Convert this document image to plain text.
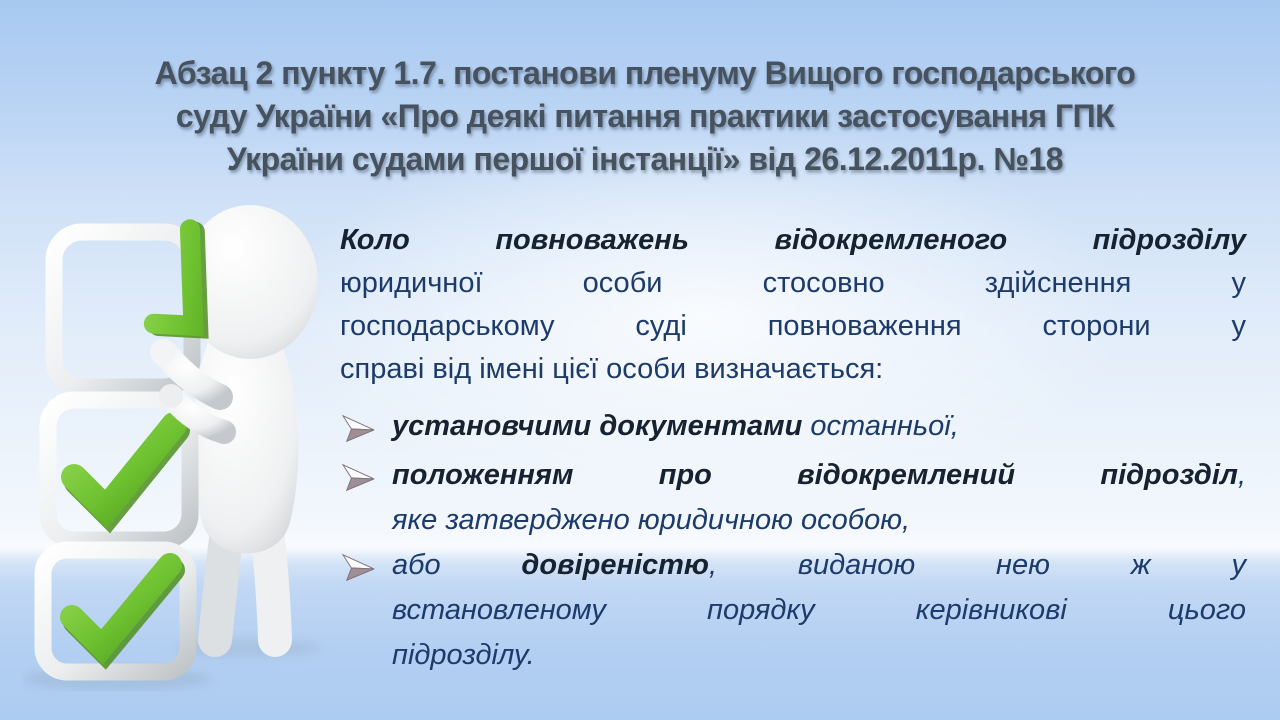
Абзац 2 пункту 1.7. постанови пленуму Вищого господарського
суду України «Про деякі питання практики застосування ГПК
України судами першої інстанції» від 26.12.2011р. №18
Коло повноважень відокремленого підрозділу
юридичної особи стосовно здійснення у
господарському суді повноваження сторони у
справі від імені цієї особи визначається:
установчими документами останньої,
положенням про відокремлений підрозділ,
яке затверджено юридичною особою,
або довіреністю, виданою нею ж у
встановленому порядку керівникові цього
підрозділу.
